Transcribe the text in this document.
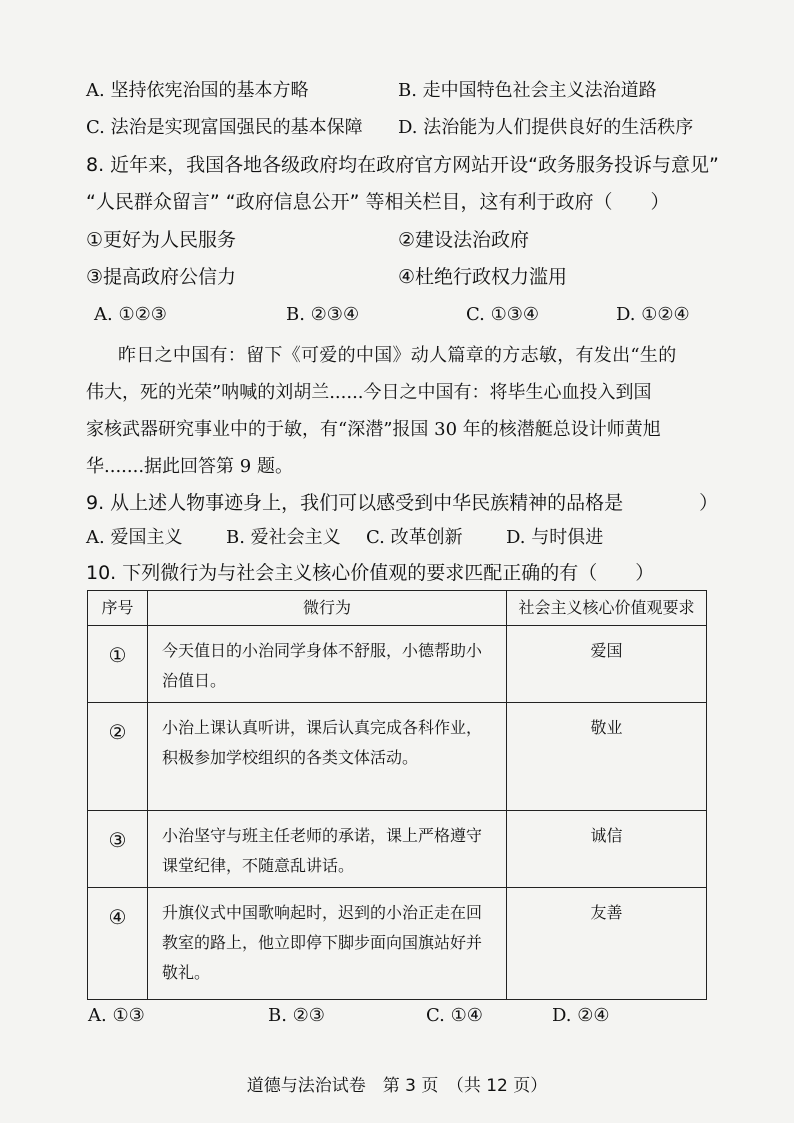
A. 坚持依宪治国的基本方略	B. 走中国特色社会主义法治道路
C. 法治是实现富国强民的基本保障 D. 法治能为人们提供良好的生活秩序
8. 近年来，我国各地各级政府均在政府官方网站开设“政务服务投诉与意见”
“人民群众留言” “政府信息公开” 等相关栏目，这有利于政府（　　）
①更好为人民服务	②建设法治政府
③提高政府公信力	④杜绝行政权力滥用
A. ①②③	B. ②③④	C. ①③④	D. ①②④
昨日之中国有：留下《可爱的中国》动人篇章的方志敏，有发出“生的
伟大，死的光荣”呐喊的刘胡兰......今日之中国有：将毕生心血投入到国
家核武器研究事业中的于敏，有“深潜”报国 30 年的核潜艇总设计师黄旭
华.......据此回答第 9 题。
9. 从上述人物事迹身上，我们可以感受到中华民族精神的品格是　　　　）
A. 爱国主义 B. 爱社会主义 C. 改革创新 D. 与时俱进
10. 下列微行为与社会主义核心价值观的要求匹配正确的有（　　）
序号	微行为	社会主义核心价值观要求
①	今天值日的小治同学身体不舒服，小德帮助小治值日。	爱国
②	小治上课认真听讲，课后认真完成各科作业，积极参加学校组织的各类文体活动。	敬业
③	小治坚守与班主任老师的承诺，课上严格遵守课堂纪律，不随意乱讲话。	诚信
④	升旗仪式中国歌响起时，迟到的小治正走在回教室的路上，他立即停下脚步面向国旗站好并敬礼。	友善
A. ①③	B. ②③	C. ①④	D. ②④
道德与法治试卷　第 3 页　（共 12 页）
